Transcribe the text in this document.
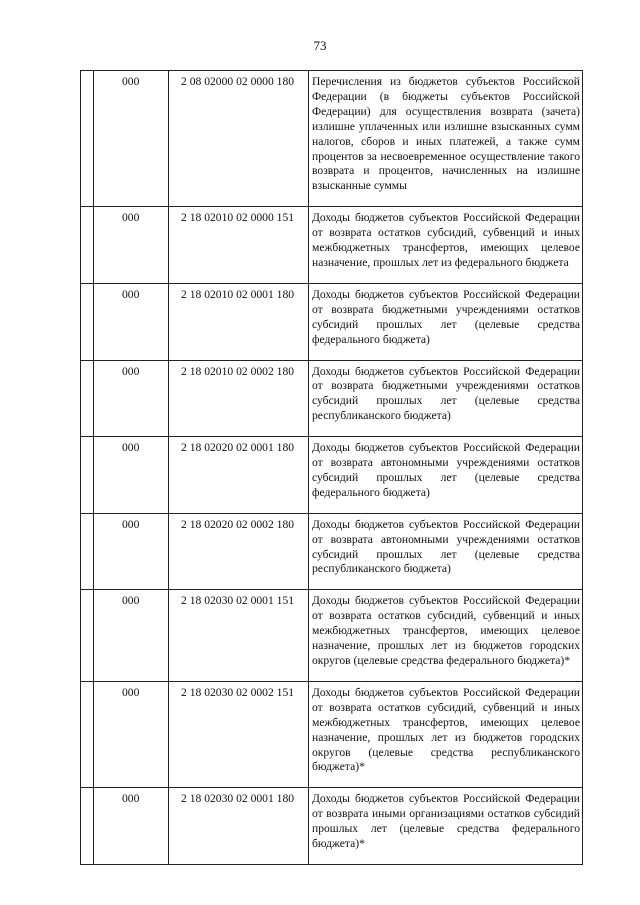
73
	000	2 08 02000 02 0000 180	Перечисления из бюджетов субъектов Российской Федерации (в бюджеты субъектов Российской Федерации) для осуществления возврата (зачета) излишне уплаченных или излишне взысканных сумм налогов, сборов и иных платежей, а также сумм процентов за несвоевременное осуществление такого возврата и процентов, начисленных на излишне взысканные суммы
	000	2 18 02010 02 0000 151	Доходы бюджетов субъектов Российской Федерации от возврата остатков субсидий, субвенций и иных межбюджетных трансфертов, имеющих целевое назначение, прошлых лет из федерального бюджета
	000	2 18 02010 02 0001 180	Доходы бюджетов субъектов Российской Федерации от возврата бюджетными учреждениями остатков субсидий прошлых лет (целевые средства федерального бюджета)
	000	2 18 02010 02 0002 180	Доходы бюджетов субъектов Российской Федерации от возврата бюджетными учреждениями остатков субсидий прошлых лет (целевые средства республиканского бюджета)
	000	2 18 02020 02 0001 180	Доходы бюджетов субъектов Российской Федерации от возврата автономными учреждениями остатков субсидий прошлых лет (целевые средства федерального бюджета)
	000	2 18 02020 02 0002 180	Доходы бюджетов субъектов Российской Федерации от возврата автономными учреждениями остатков субсидий прошлых лет (целевые средства республиканского бюджета)
	000	2 18 02030 02 0001 151	Доходы бюджетов субъектов Российской Федерации от возврата остатков субсидий, субвенций и иных межбюджетных трансфертов, имеющих целевое назначение, прошлых лет из бюджетов городских округов (целевые средства федерального бюджета)*
	000	2 18 02030 02 0002 151	Доходы бюджетов субъектов Российской Федерации от возврата остатков субсидий, субвенций и иных межбюджетных трансфертов, имеющих целевое назначение, прошлых лет из бюджетов городских округов (целевые средства республиканского бюджета)*
	000	2 18 02030 02 0001 180	Доходы бюджетов субъектов Российской Федерации от возврата иными организациями остатков субсидий прошлых лет (целевые средства федерального бюджета)*
